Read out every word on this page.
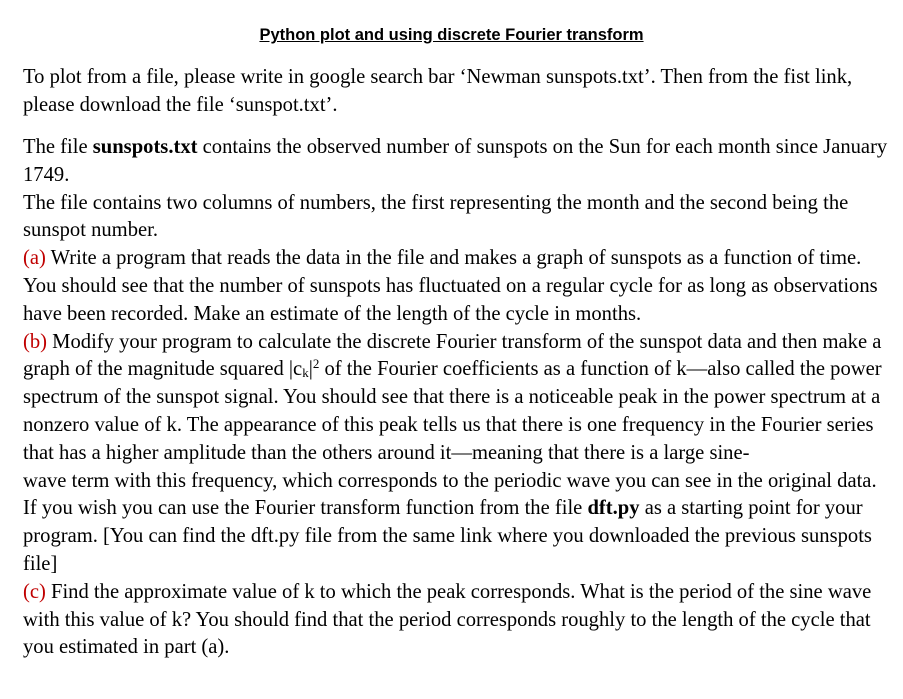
Python plot and using discrete Fourier transform

To plot from a file, please write in google search bar ‘Newman sunspots.txt’. Then from the fist link, please download the file ‘sunspot.txt’.

The file sunspots.txt contains the observed number of sunspots on the Sun for each month since January 1749.

The file contains two columns of numbers, the first representing the month and the second being the sunspot number.

(a) Write a program that reads the data in the file and makes a graph of sunspots as a function of time. You should see that the number of sunspots has fluctuated on a regular cycle for as long as observations have been recorded. Make an estimate of the length of the cycle in months.

(b) Modify your program to calculate the discrete Fourier transform of the sunspot data and then make a graph of the magnitude squared $|c_k|^2$ of the Fourier coefficients as a function of k—also called the power spectrum of the sunspot signal. You should see that there is a noticeable peak in the power spectrum at a nonzero value of k. The appearance of this peak tells us that there is one frequency in the Fourier series that has a higher amplitude than the others around it—meaning that there is a large sine-
wave term with this frequency, which corresponds to the periodic wave you can see in the original data. If you wish you can use the Fourier transform function from the file dft.py as a starting point for your program. [You can find the dft.py file from the same link where you downloaded the previous sunspots file]

(c) Find the approximate value of k to which the peak corresponds. What is the period of the sine wave with this value of k? You should find that the period corresponds roughly to the length of the cycle that you estimated in part (a).
